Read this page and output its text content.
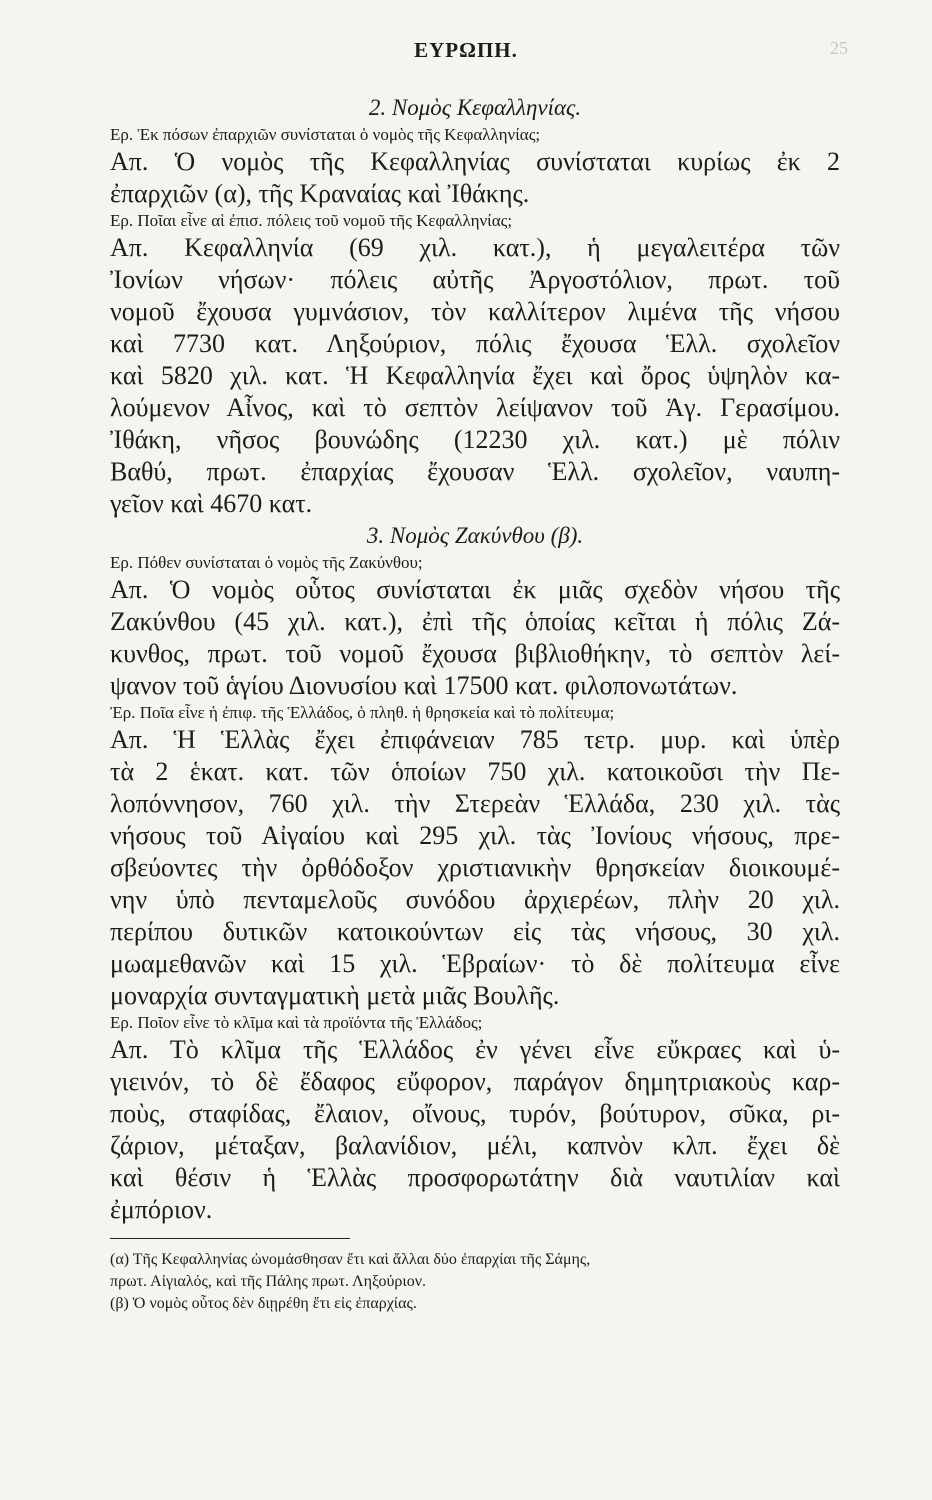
ΕΥΡΩΠΗ.	25
2. Νομὸς Κεφαλληνίας.
Ερ. Ἐκ πόσων ἐπαρχιῶν συνίσταται ὁ νομὸς τῆς Κεφαλληνίας;
Απ. Ὁ νομὸς τῆς Κεφαλληνίας συνίσταται κυρίως ἐκ 2
ἐπαρχιῶν (α), τῆς Κραναίας καὶ Ἰθάκης.
Ερ. Ποῖαι εἶνε αἱ ἐπισ. πόλεις τοῦ νομοῦ τῆς Κεφαλληνίας;
Απ. Κεφαλληνία (69 χιλ. κατ.), ἡ μεγαλειτέρα τῶν
Ἰονίων νήσων· πόλεις αὐτῆς Ἀργοστόλιον, πρωτ. τοῦ
νομοῦ ἔχουσα γυμνάσιον, τὸν καλλίτερον λιμένα τῆς νήσου
καὶ 7730 κατ. Ληξούριον, πόλις ἔχουσα Ἑλλ. σχολεῖον
καὶ 5820 χιλ. κατ. Ἡ Κεφαλληνία ἔχει καὶ ὄρος ὑψηλὸν κα-
λούμενον Αἶνος, καὶ τὸ σεπτὸν λείψανον τοῦ Ἁγ. Γερασίμου.
Ἰθάκη, νῆσος βουνώδης (12230 χιλ. κατ.) μὲ πόλιν
Βαθύ, πρωτ. ἐπαρχίας ἔχουσαν Ἑλλ. σχολεῖον, ναυπη-
γεῖον καὶ 4670 κατ.
3. Νομὸς Ζακύνθου (β).
Ερ. Πόθεν συνίσταται ὁ νομὸς τῆς Ζακύνθου;
Απ. Ὁ νομὸς οὗτος συνίσταται ἐκ μιᾶς σχεδὸν νήσου τῆς
Ζακύνθου (45 χιλ. κατ.), ἐπὶ τῆς ὁποίας κεῖται ἡ πόλις Ζά-
κυνθος, πρωτ. τοῦ νομοῦ ἔχουσα βιβλιοθήκην, τὸ σεπτὸν λεί-
ψανον τοῦ ἁγίου Διονυσίου καὶ 17500 κατ. φιλοπονωτάτων.
Ἐρ. Ποῖα εἶνε ἡ ἐπιφ. τῆς Ἑλλάδος, ὁ πληθ. ἡ θρησκεία καὶ τὸ πολίτευμα;
Απ. Ἡ Ἑλλὰς ἔχει ἐπιφάνειαν 785 τετρ. μυρ. καὶ ὑπὲρ
τὰ 2 ἑκατ. κατ. τῶν ὁποίων 750 χιλ. κατοικοῦσι τὴν Πε-
λοπόννησον, 760 χιλ. τὴν Στερεὰν Ἑλλάδα, 230 χιλ. τὰς
νήσους τοῦ Αἰγαίου καὶ 295 χιλ. τὰς Ἰονίους νήσους, πρε-
σβεύοντες τὴν ὀρθόδοξον χριστιανικὴν θρησκείαν διοικουμέ-
νην ὑπὸ πενταμελοῦς συνόδου ἀρχιερέων, πλὴν 20 χιλ.
περίπου δυτικῶν κατοικούντων εἰς τὰς νήσους, 30 χιλ.
μωαμεθανῶν καὶ 15 χιλ. Ἑβραίων· τὸ δὲ πολίτευμα εἶνε
μοναρχία συνταγματικὴ μετὰ μιᾶς Βουλῆς.
Ερ. Ποῖον εἶνε τὸ κλῖμα καὶ τὰ προϊόντα τῆς Ἑλλάδος;
Απ. Τὸ κλῖμα τῆς Ἑλλάδος ἐν γένει εἶνε εὔκραες καὶ ὑ-
γιεινόν, τὸ δὲ ἔδαφος εὔφορον, παράγον δημητριακοὺς καρ-
ποὺς, σταφίδας, ἔλαιον, οἴνους, τυρόν, βούτυρον, σῦκα, ρι-
ζάριον, μέταξαν, βαλανίδιον, μέλι, καπνὸν κλπ. ἔχει δὲ
καὶ θέσιν ἡ Ἑλλὰς προσφορωτάτην διὰ ναυτιλίαν καὶ
ἐμπόριον.
(α) Τῆς Κεφαλληνίας ὠνομάσθησαν ἔτι καὶ ἄλλαι δύο ἐπαρχίαι τῆς Σάμης,
πρωτ. Αἰγιαλός, καὶ τῆς Πάλης πρωτ. Ληξούριον.
(β) Ὁ νομὸς οὗτος δὲν διῃρέθη ἔτι εἰς ἐπαρχίας.
